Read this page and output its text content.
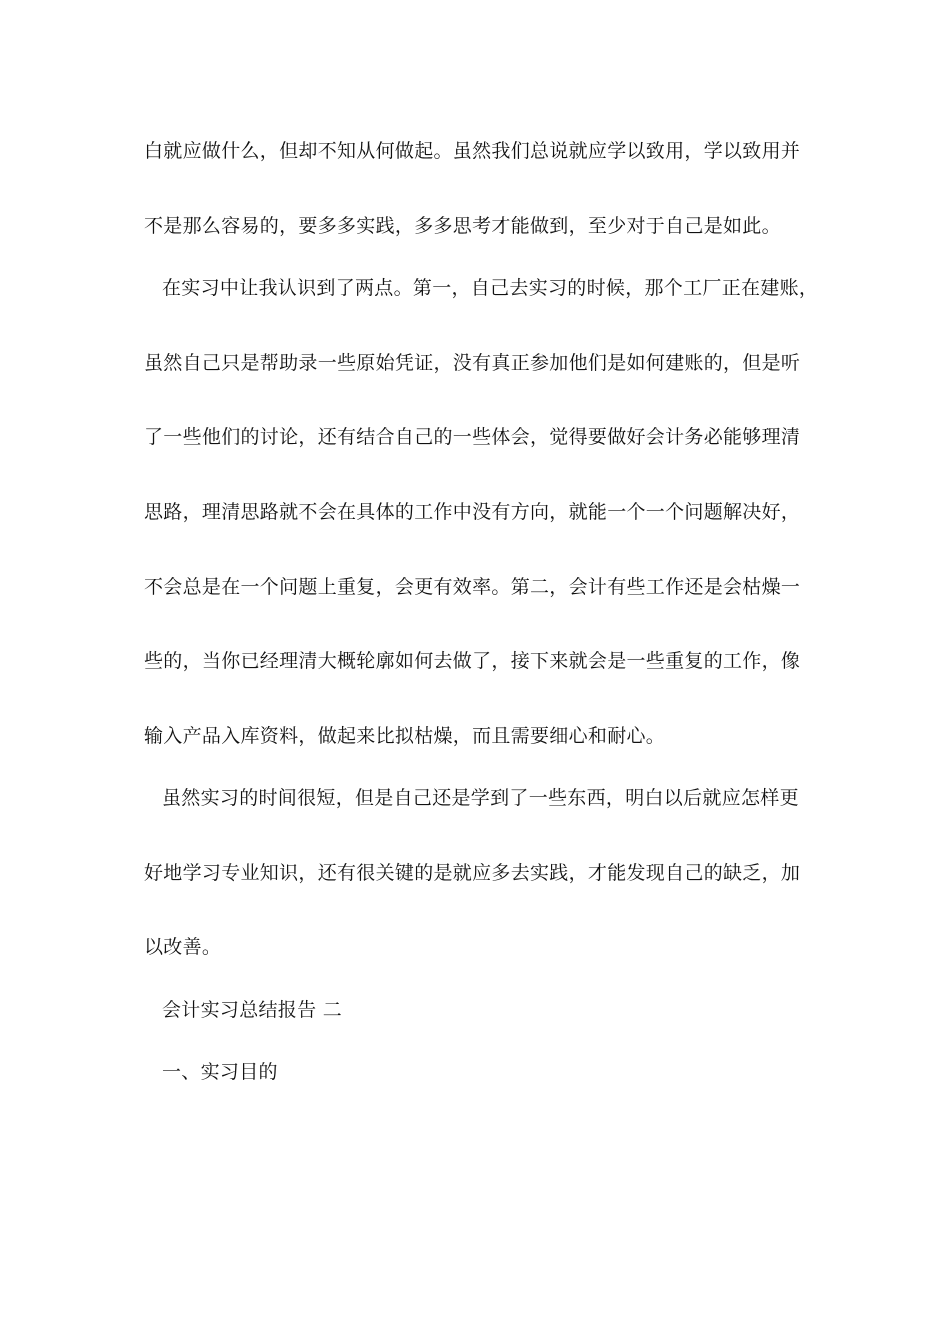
白就应做什么，但却不知从何做起。虽然我们总说就应学以致用，学以致用并
不是那么容易的，要多多实践，多多思考才能做到，至少对于自己是如此。
在实习中让我认识到了两点。第一，自己去实习的时候，那个工厂正在建账，
虽然自己只是帮助录一些原始凭证，没有真正参加他们是如何建账的，但是听
了一些他们的讨论，还有结合自己的一些体会，觉得要做好会计务必能够理清
思路，理清思路就不会在具体的工作中没有方向，就能一个一个问题解决好，
不会总是在一个问题上重复，会更有效率。第二，会计有些工作还是会枯燥一
些的，当你已经理清大概轮廓如何去做了，接下来就会是一些重复的工作，像
输入产品入库资料，做起来比拟枯燥，而且需要细心和耐心。
虽然实习的时间很短，但是自己还是学到了一些东西，明白以后就应怎样更
好地学习专业知识，还有很关键的是就应多去实践，才能发现自己的缺乏，加
以改善。
会计实习总结报告 二
一、实习目的
